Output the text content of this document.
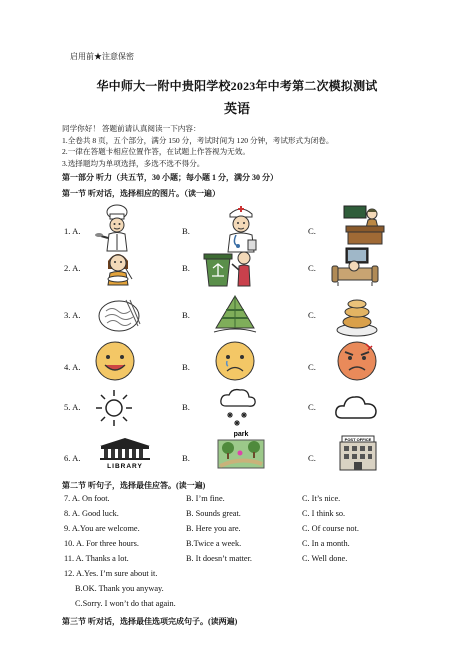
启用前★注意保密
华中师大一附中贵阳学校2023年中考第二次模拟测试
英语
同学你好！ 答题前请认真阅读一下内容：
1.全卷共 8 页，五个部分，满分 150 分，考试时间为 120 分钟，考试形式为闭卷。
2.一律在答题卡相应位置作答，在试题上作答视为无效。
3.选择题均为单项选择，多选不选不得分。
第一部分 听力（共五节，30 小题；每小题 1 分，满分 30 分）
第一节 听对话，选择相应的图片。（读一遍）
1. A.	B.	C.
2. A.	B.	C.
3. A.	B.	C.
4. A.	B.	C.
5. A.	B.	C.
6. A.	B.	C.
LIBRARY
park
POST OFFICE
第二节 听句子，选择最佳应答。(读一遍)
7. A. On foot.	B. I’m fine.	C. It’s nice.
8. A. Good luck.	B. Sounds great.	C. I think so.
9. A.You are welcome.	B. Here you are.	C. Of course not.
10. A. For three hours.	B.Twice a week.	C. In a month.
11. A. Thanks a lot.	B. It doesn’t matter.	C. Well done.
12. A.Yes. I’m sure about it.
B.OK. Thank you anyway.
C.Sorry. I won’t do that again.
第三节 听对话，选择最佳选项完成句子。(读两遍)
